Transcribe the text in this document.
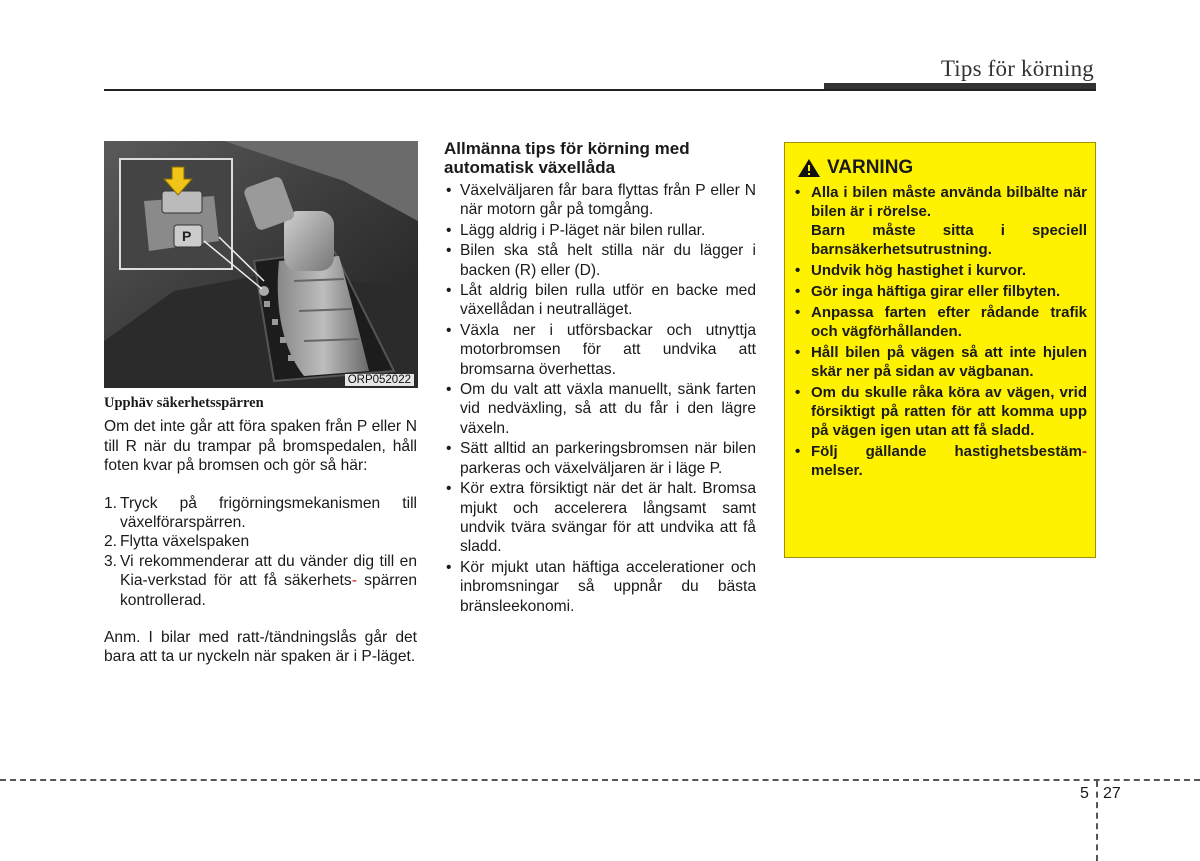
Tips för körning
P
ORP052022
Upphäv säkerhetsspärren

Om det inte går att föra spaken från P eller N till R när du trampar på bromspedalen, håll foten kvar på bromsen och gör så här:

1. Tryck på frigörningsmekanismen till växelförarspärren.
2. Flytta växelspaken
3. Vi rekommenderar att du vänder dig till en Kia-verkstad för att få säkerhets- spärren kontrollerad.

Anm. I bilar med ratt-/tändningslås går det bara att ta ur nyckeln när spaken är i P-läget.

Allmänna tips för körning med automatisk växellåda
• Växelväljaren får bara flyttas från P eller N när motorn går på tomgång.
• Lägg aldrig i P-läget när bilen rullar.
• Bilen ska stå helt stilla när du lägger i backen (R) eller (D).
• Låt aldrig bilen rulla utför en backe med växellådan i neutralläget.
• Växla ner i utförsbackar och utnyttja motorbromsen för att undvika att bromsarna överhettas.
• Om du valt att växla manuellt, sänk farten vid nedväxling, så att du får i den lägre växeln.
• Sätt alltid an parkeringsbromsen när bilen parkeras och växelväljaren är i läge P.
• Kör extra försiktigt när det är halt. Bromsa mjukt och accelerera långsamt samt undvik tvära svängar för att undvika att få sladd.
• Kör mjukt utan häftiga accelerationer och inbromsningar så uppnår du bästa bränsleekonomi.
VARNING
• Alla i bilen måste använda bilbälte när bilen är i rörelse.
Barn måste sitta i speciell barnsäkerhetsutrustning.
• Undvik hög hastighet i kurvor.
• Gör inga häftiga girar eller filbyten.
• Anpassa farten efter rådande trafik och vägförhållanden.
• Håll bilen på vägen så att inte hjulen skär ner på sidan av vägbanan.
• Om du skulle råka köra av vägen, vrid försiktigt på ratten för att komma upp på vägen igen utan att få sladd.
• Följ gällande hastighetsbestäm-melser.
5 27
